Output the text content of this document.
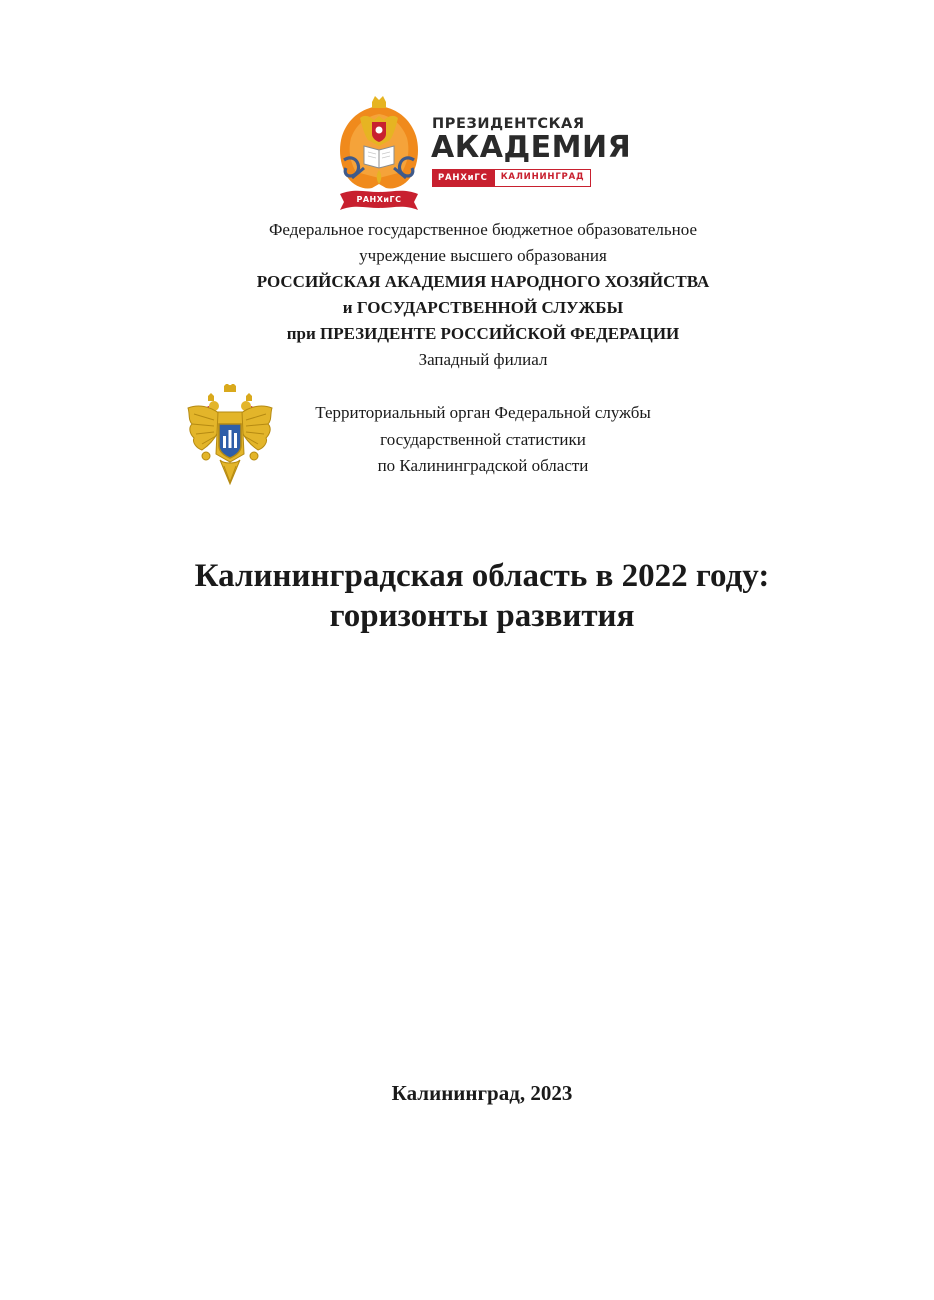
РАНХиГС
ПРЕЗИДЕНТСКАЯ
АКАДЕМИЯ
РАНХиГС	КАЛИНИНГРАД
Федеральное государственное бюджетное образовательное
учреждение высшего образования
РОССИЙСКАЯ АКАДЕМИЯ НАРОДНОГО ХОЗЯЙСТВА
и ГОСУДАРСТВЕННОЙ СЛУЖБЫ
при ПРЕЗИДЕНТЕ РОССИЙСКОЙ ФЕДЕРАЦИИ
Западный филиал
Территориальный орган Федеральной службы
государственной статистики
по Калининградской области
Калининградская область в 2022 году:
горизонты развития
Калининград, 2023
